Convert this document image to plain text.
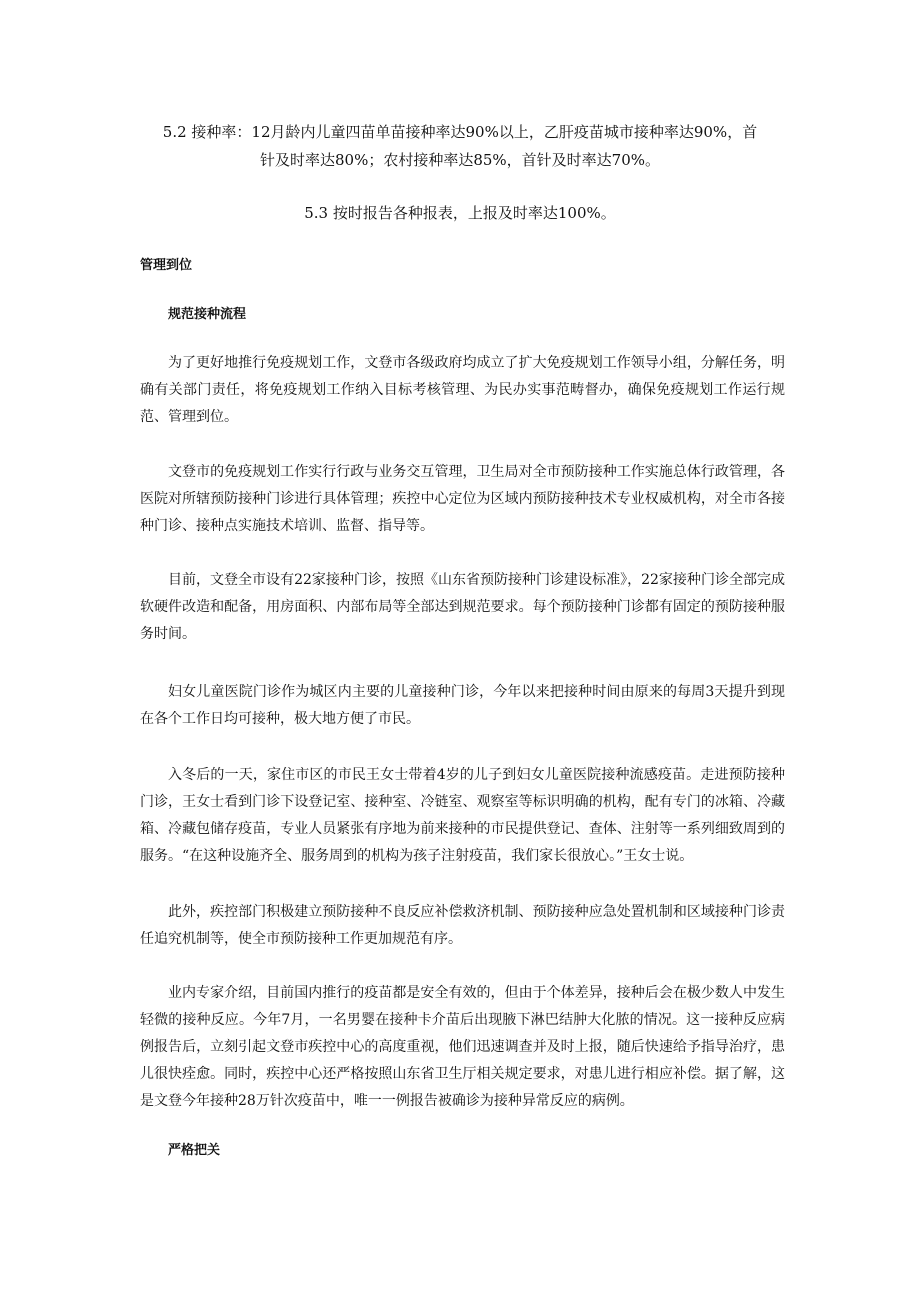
5.2 接种率：12月龄内儿童四苗单苗接种率达90%以上，乙肝疫苗城市接种率达90%，首
针及时率达80%；农村接种率达85%，首针及时率达70%。
5.3 按时报告各种报表，上报及时率达100%。
管理到位
规范接种流程

为了更好地推行免疫规划工作，文登市各级政府均成立了扩大免疫规划工作领导小组，分解任务，明确有关部门责任，将免疫规划工作纳入目标考核管理、为民办实事范畴督办，确保免疫规划工作运行规范、管理到位。

文登市的免疫规划工作实行行政与业务交互管理，卫生局对全市预防接种工作实施总体行政管理，各医院对所辖预防接种门诊进行具体管理；疾控中心定位为区域内预防接种技术专业权威机构，对全市各接种门诊、接种点实施技术培训、监督、指导等。

目前，文登全市设有22家接种门诊，按照《山东省预防接种门诊建设标准》，22家接种门诊全部完成软硬件改造和配备，用房面积、内部布局等全部达到规范要求。每个预防接种门诊都有固定的预防接种服务时间。

妇女儿童医院门诊作为城区内主要的儿童接种门诊，今年以来把接种时间由原来的每周3天提升到现在各个工作日均可接种，极大地方便了市民。

入冬后的一天，家住市区的市民王女士带着4岁的儿子到妇女儿童医院接种流感疫苗。走进预防接种门诊，王女士看到门诊下设登记室、接种室、冷链室、观察室等标识明确的机构，配有专门的冰箱、冷藏箱、冷藏包储存疫苗，专业人员紧张有序地为前来接种的市民提供登记、查体、注射等一系列细致周到的服务。“在这种设施齐全、服务周到的机构为孩子注射疫苗，我们家长很放心。”王女士说。

此外，疾控部门积极建立预防接种不良反应补偿救济机制、预防接种应急处置机制和区域接种门诊责任追究机制等，使全市预防接种工作更加规范有序。

业内专家介绍，目前国内推行的疫苗都是安全有效的，但由于个体差异，接种后会在极少数人中发生轻微的接种反应。今年7月，一名男婴在接种卡介苗后出现腋下淋巴结肿大化脓的情况。这一接种反应病例报告后，立刻引起文登市疾控中心的高度重视，他们迅速调查并及时上报，随后快速给予指导治疗，患儿很快痊愈。同时，疾控中心还严格按照山东省卫生厅相关规定要求，对患儿进行相应补偿。据了解，这是文登今年接种28万针次疫苗中，唯一一例报告被确诊为接种异常反应的病例。

严格把关
